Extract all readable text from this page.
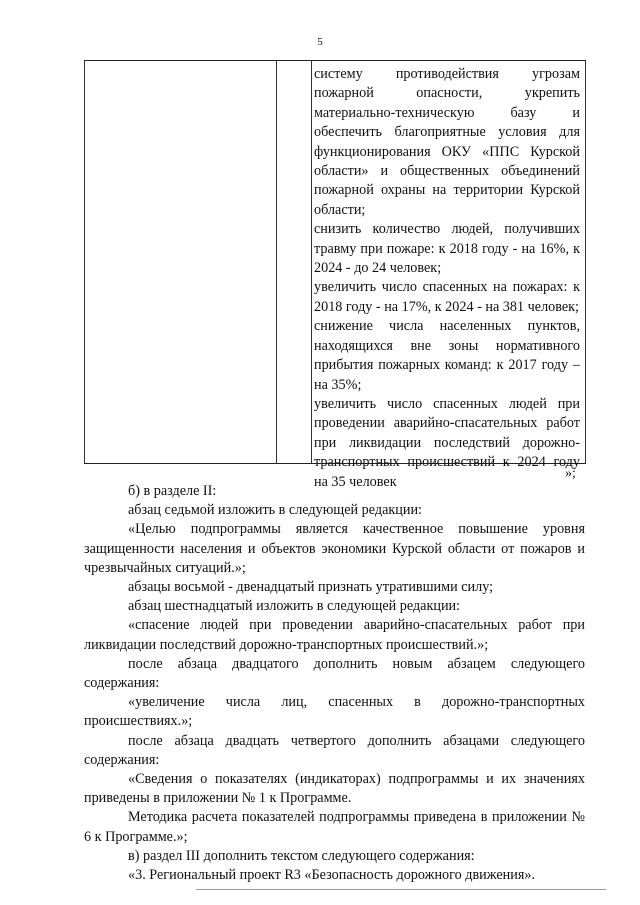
5

систему противодействия угрозам пожарной опасности, укрепить материально-техническую базу и обеспечить благоприятные условия для функционирования ОКУ «ППС Курской области» и общественных объединений пожарной охраны на территории Курской области;

снизить количество людей, получивших травму при пожаре: к 2018 году - на 16%, к 2024 - до 24 человек;

увеличить число спасенных на пожарах: к 2018 году - на 17%, к 2024 - на 381 человек;

снижение числа населенных пунктов, находящихся вне зоны нормативного прибытия пожарных команд: к 2017 году – на 35%;

увеличить число спасенных людей при проведении аварийно-спасательных работ при ликвидации последствий дорожно-транспортных происшествий к 2024 году на 35 человек

»;

б) в разделе II:

абзац седьмой изложить в следующей редакции:

«Целью подпрограммы является качественное повышение уровня защищенности населения и объектов экономики Курской области от пожаров и чрезвычайных ситуаций.»;

абзацы восьмой - двенадцатый признать утратившими силу;

абзац шестнадцатый изложить в следующей редакции:

«спасение людей при проведении аварийно-спасательных работ при ликвидации последствий дорожно-транспортных происшествий.»;

после абзаца двадцатого дополнить новым абзацем следующего содержания:

«увеличение числа лиц, спасенных в дорожно-транспортных происшествиях.»;

после абзаца двадцать четвертого дополнить абзацами следующего содержания:

«Сведения о показателях (индикаторах) подпрограммы и их значениях приведены в приложении № 1 к Программе.

Методика расчета показателей подпрограммы приведена в приложении № 6 к Программе.»;

в) раздел III дополнить текстом следующего содержания:

«3. Региональный проект R3 «Безопасность дорожного движения».
